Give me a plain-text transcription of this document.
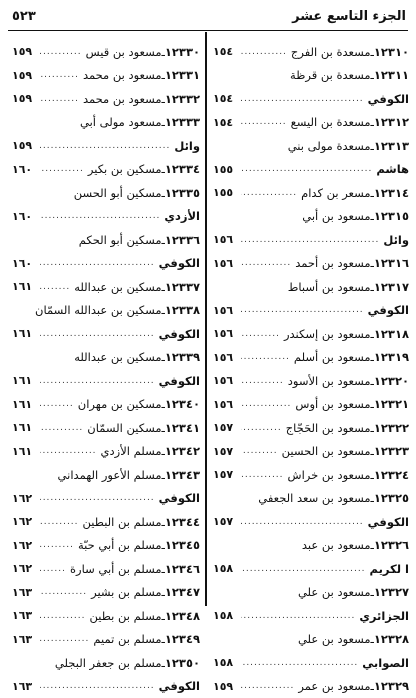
الجزء التاسع عشر
٥٢٣
١٢٣١٠
ـ
مسعدة بن الفرج
.....
١٥٤
١٢٣١١
ـ
مسعدة بن قرظة
الكوفي
.....
١٥٤
١٢٣١٢
ـ
مسعدة بن اليسع
.....
١٥٤
١٢٣١٣
ـ
مسعدة مولى بني
هاشم
.....
١٥٥
١٢٣١٤
ـ
مسعر بن كدام
.....
١٥٥
١٢٣١٥
ـ
مسعود بن أبي
وائل
.....
١٥٦
١٢٣١٦
ـ
مسعود بن أحمد
.....
١٥٦
١٢٣١٧
ـ
مسعود بن أسباط
الكوفي
.....
١٥٦
١٢٣١٨
ـ
مسعود بن إسكندر
.....
١٥٦
١٢٣١٩
ـ
مسعود بن أسلم
.....
١٥٦
١٢٣٢٠
ـ
مسعود بن الأسود
.....
١٥٦
١٢٣٢١
ـ
مسعود بن أوس
.....
١٥٦
١٢٣٢٢
ـ
مسعود بن الحَجّاج
.....
١٥٧
١٢٣٢٣
ـ
مسعود بن الحسين
.....
١٥٧
١٢٣٢٤
ـ
مسعود بن خراش
.....
١٥٧
١٢٣٢٥
ـ
مسعود بن سعد الجعفي
الكوفي
.....
١٥٧
١٢٣٢٦
ـ
مسعود بن عبد
ا لكريم
.....
١٥٨
١٢٣٢٧
ـ
مسعود بن علي
الجزائري
.....
١٥٨
١٢٣٢٨
ـ
مسعود بن علي
الصوابي
.....
١٥٨
١٢٣٢٩
ـ
مسعود بن عمر
.....
١٥٩
١٢٣٣٠
ـ
مسعود بن قيس
.....
١٥٩
١٢٣٣١
ـ
مسعود بن محمد
.....
١٥٩
١٢٣٣٢
ـ
مسعود بن محمد
.....
١٥٩
١٢٣٣٣
ـ
مسعود مولى أبي
وائل
.....
١٥٩
١٢٣٣٤
ـ
مسكين بن بكير
.....
١٦٠
١٢٣٣٥
ـ
مسكين أبو الحسن
الأزدي
.....
١٦٠
١٢٣٣٦
ـ
مسكين أبو الحكم
الكوفي
.....
١٦٠
١٢٣٣٧
ـ
مسكين بن عبدالله
.....
١٦١
١٢٣٣٨
ـ
مسكين بن عبدالله السمّان
الكوفي
.....
١٦١
١٢٣٣٩
ـ
مسكين بن عبدالله
الكوفي
.....
١٦١
١٢٣٤٠
ـ
مسكين بن مهران
.....
١٦١
١٢٣٤١
ـ
مسكين السمّان
.....
١٦١
١٢٣٤٢
ـ
مسلم الأزدي
.....
١٦١
١٢٣٤٣
ـ
مسلم الأعور الهمداني
الكوفي
.....
١٦٢
١٢٣٤٤
ـ
مسلم بن البطين
.....
١٦٢
١٢٣٤٥
ـ
مسلم بن أبي حبّة
.....
١٦٢
١٢٣٤٦
ـ
مسلم بن أبي سارة
.....
١٦٢
١٢٣٤٧
ـ
مسلم بن بشير
.....
١٦٣
١٢٣٤٨
ـ
مسلم بن بطين
.....
١٦٣
١٢٣٤٩
ـ
مسلم بن تميم
.....
١٦٣
١٢٣٥٠
ـ
مسلم بن جعفر البجلي
الكوفي
.....
١٦٣
